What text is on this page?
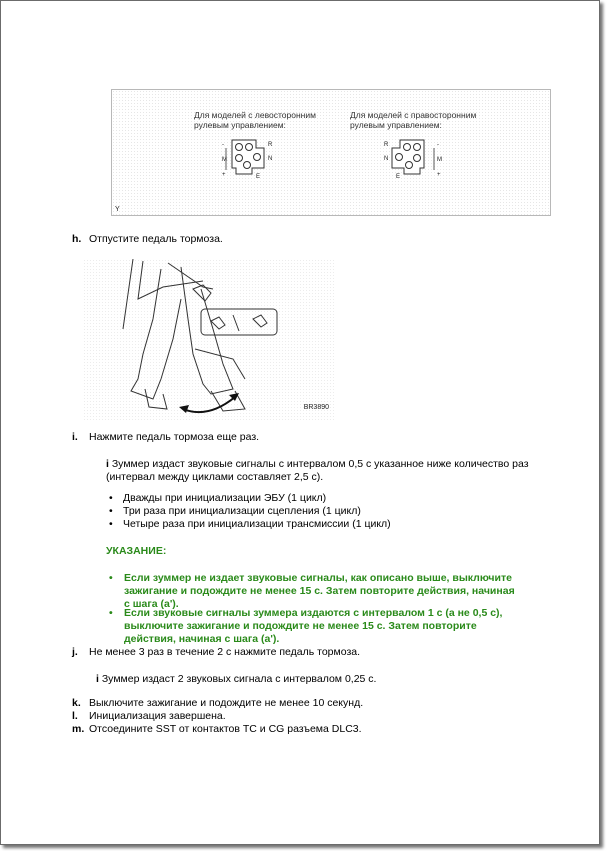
Для моделей с левосторонним
рулевым управлением:
Для моделей с правосторонним
рулевым управлением:
R
N
-
M
+	E
R
N
-
M
+
E
Y
h. Отпустите педаль тормоза.
BR3890
i. Нажмите педаль тормоза еще раз.
i Зуммер издаст звуковые сигналы с интервалом 0,5 с указанное ниже количество раз
(интервал между циклами составляет 2,5 с).
• Дважды при инициализации ЭБУ (1 цикл)
• Три раза при инициализации сцепления (1 цикл)
• Четыре раза при инициализации трансмиссии (1 цикл)
УКАЗАНИЕ:
• Если зуммер не издает звуковые сигналы, как описано выше, выключите
зажигание и подождите не менее 15 с. Затем повторите действия, начиная
с шага (a').
• Если звуковые сигналы зуммера издаются с интервалом 1 с (а не 0,5 с),
выключите зажигание и подождите не менее 15 с. Затем повторите
действия, начиная с шага (a').
j. Не менее 3 раз в течение 2 с нажмите педаль тормоза.
i Зуммер издаст 2 звуковых сигнала с интервалом 0,25 с.
k. Выключите зажигание и подождите не менее 10 секунд.
l. Инициализация завершена.
m. Отсоедините SST от контактов TC и CG разъема DLC3.
